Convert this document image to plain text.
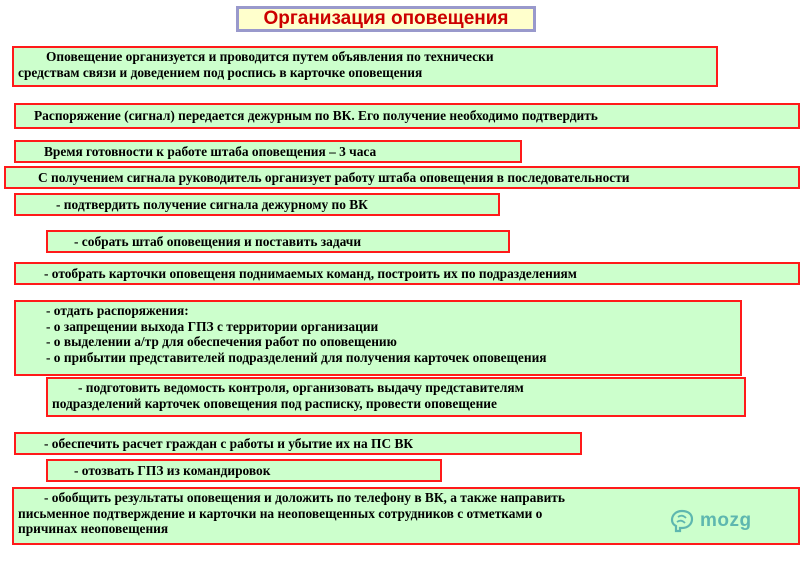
Организация оповещения
Оповещение организуется и проводится путем объявления по технически
средствам связи и доведением под роспись в карточке оповещения
Распоряжение (сигнал) передается дежурным по ВК. Его получение необходимо подтвердить
Время готовности к работе штаба оповещения – 3 часа
С получением сигнала руководитель организует работу штаба оповещения в последовательности
- подтвердить получение сигнала дежурному по ВК
- собрать штаб оповещения и поставить задачи
- отобрать карточки оповещеня поднимаемых команд, построить их по подразделениям
- отдать распоряжения:
- о запрещении выхода ГПЗ с территории организации
- о выделении а/тр для обеспечения работ по оповещению
- о прибытии представителей подразделений для получения карточек оповещения
- подготовить ведомость контроля, организовать выдачу представителям
подразделений карточек оповещения под расписку, провести оповещение
- обеспечить расчет граждан с работы и убытие их на ПС ВК
- отозвать ГПЗ из командировок
- обобщить результаты оповещения и доложить по телефону в ВК, а также направить
письменное подтверждение и карточки на неоповещенных сотрудников с отметками о
причинах неоповещения	mozg
